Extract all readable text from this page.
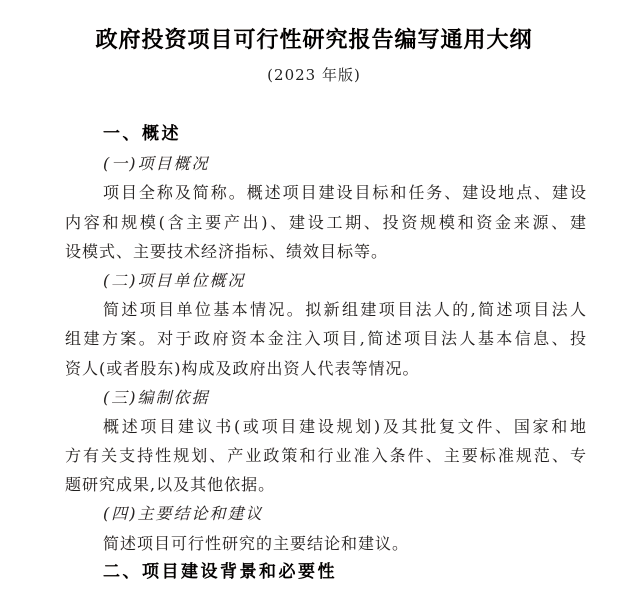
政府投资项目可行性研究报告编写通用大纲
(2023 年版)
一、概述
(一)项目概况
项目全称及简称。概述项目建设目标和任务、建设地点、建设
内容和规模(含主要产出)、建设工期、投资规模和资金来源、建
设模式、主要技术经济指标、绩效目标等。
(二)项目单位概况
简述项目单位基本情况。拟新组建项目法人的,简述项目法人
组建方案。对于政府资本金注入项目,简述项目法人基本信息、投
资人(或者股东)构成及政府出资人代表等情况。
(三)编制依据
概述项目建议书(或项目建设规划)及其批复文件、国家和地
方有关支持性规划、产业政策和行业准入条件、主要标准规范、专
题研究成果,以及其他依据。
(四)主要结论和建议
简述项目可行性研究的主要结论和建议。
二、项目建设背景和必要性
